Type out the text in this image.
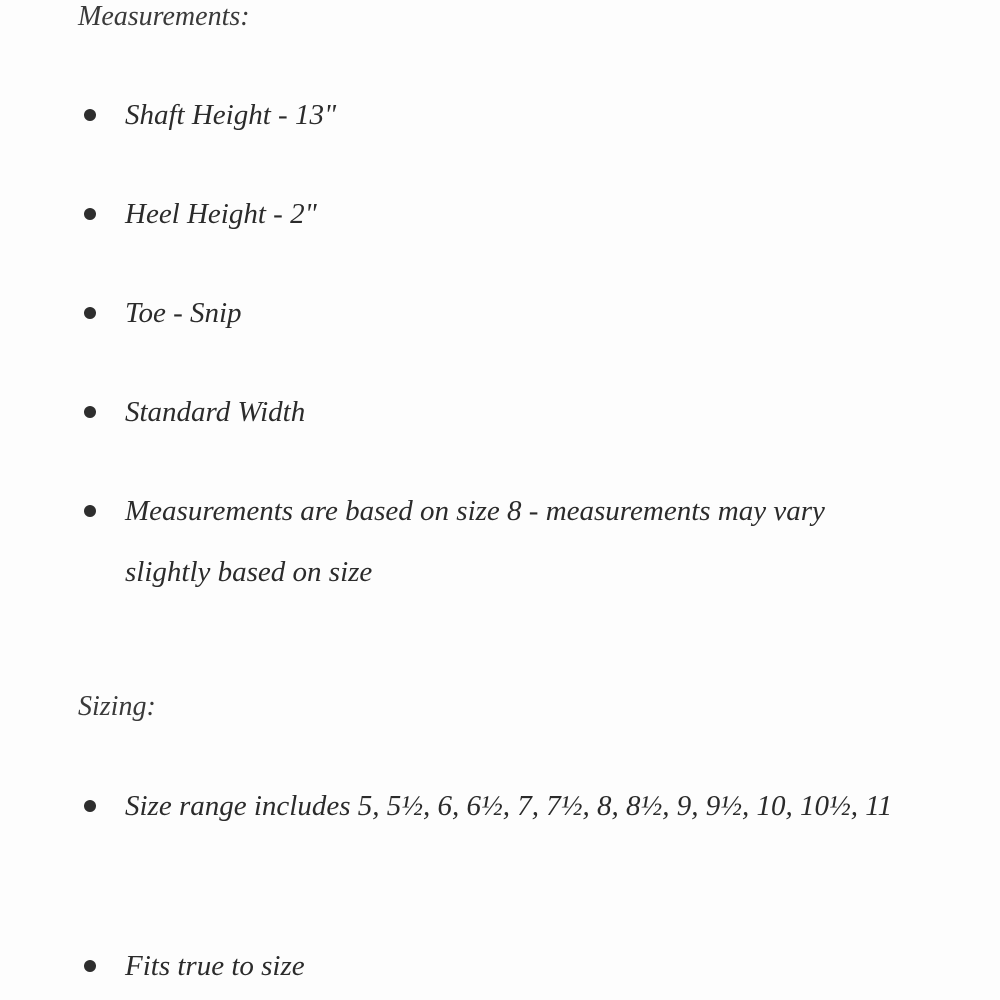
Measurements:
Shaft Height - 13"
Heel Height - 2"
Toe - Snip
Standard Width
Measurements are based on size 8 - measurements may vary slightly based on size
Sizing:
Size range includes 5, 5½, 6, 6½, 7, 7½, 8, 8½, 9, 9½, 10, 10½, 11
Fits true to size
